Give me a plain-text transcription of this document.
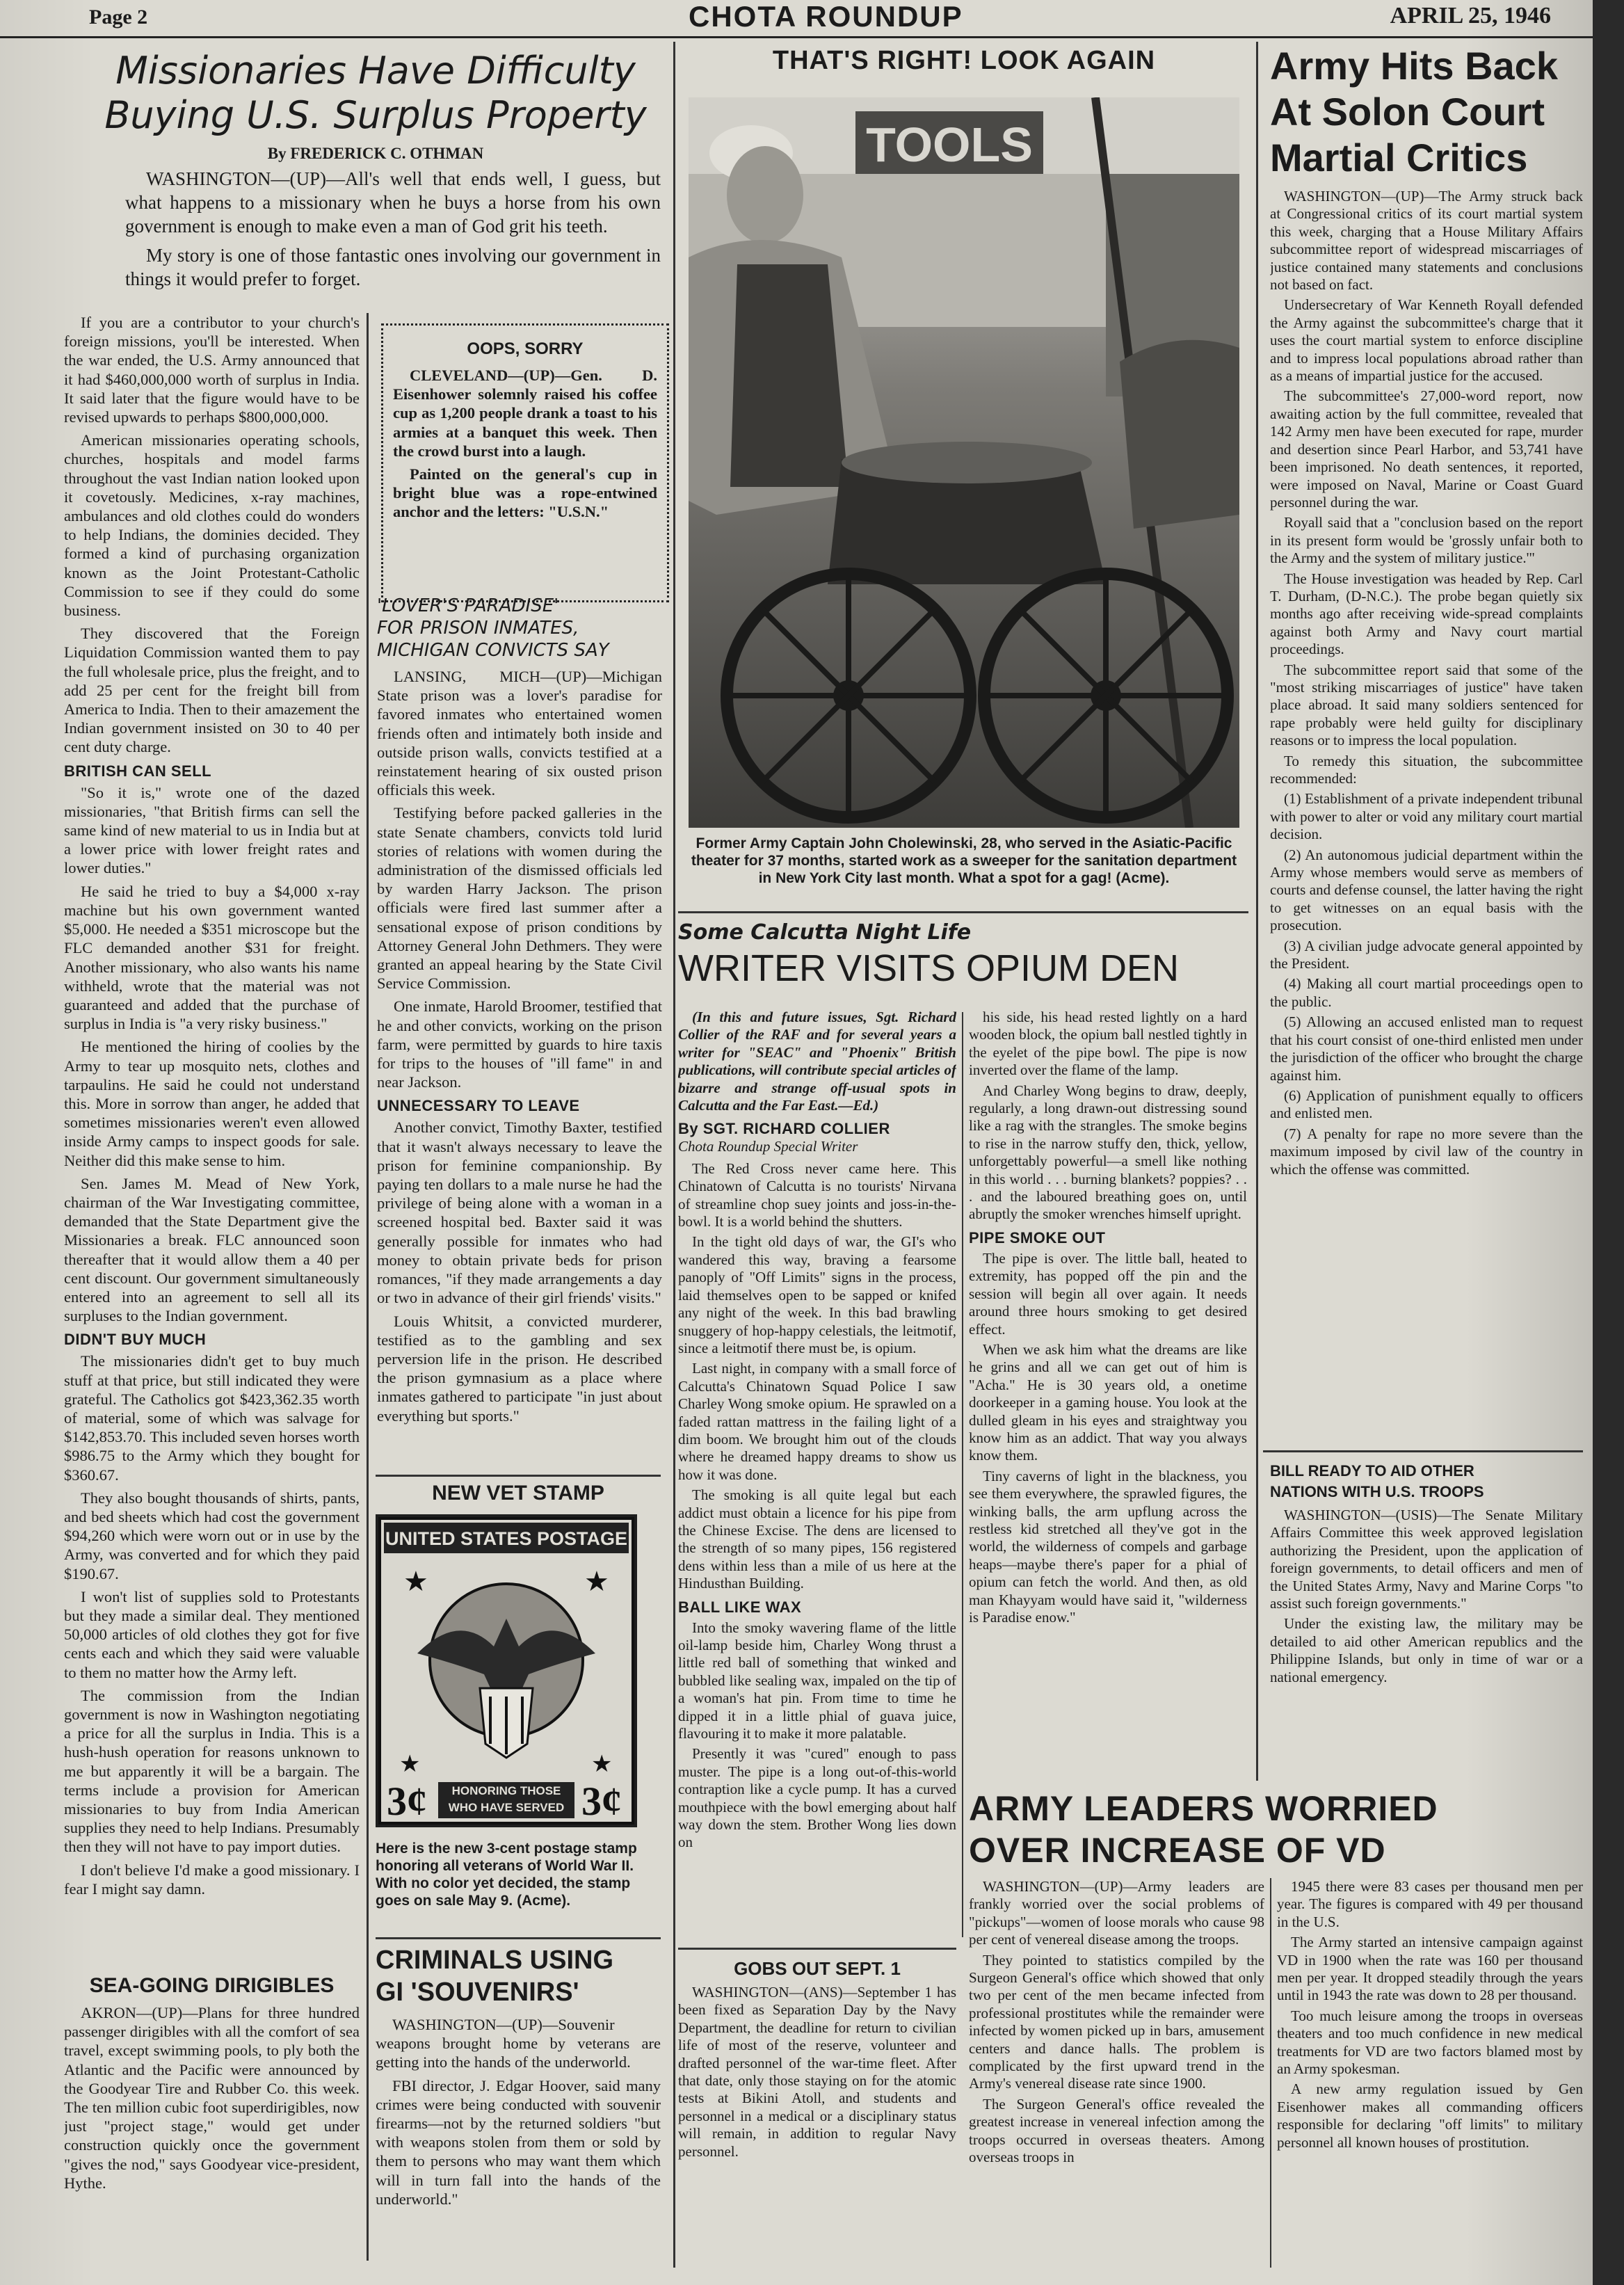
Page 2	CHOTA ROUNDUP	APRIL 25, 1946
Missionaries Have Difficulty
Buying U.S. Surplus Property
By FREDERICK C. OTHMAN

WASHINGTON—(UP)—All's well that ends well, I guess, but what happens to a missionary when he buys a horse from his own government is enough to make even a man of God grit his teeth.

My story is one of those fantastic ones involving our government in things it would prefer to forget.

If you are a contributor to your church's foreign missions, you'll be interested. When the war ended, the U.S. Army announced that it had $460,000,000 worth of surplus in India. It said later that the figure would have to be revised upwards to perhaps $800,000,000.

American missionaries operating schools, churches, hospitals and model farms throughout the vast Indian nation looked upon it covetously. Medicines, x-ray machines, ambulances and old clothes could do wonders to help Indians, the dominies decided. They formed a kind of purchasing organization known as the Joint Protestant-Catholic Commission to see if they could do some business.

They discovered that the Foreign Liquidation Commission wanted them to pay the full wholesale price, plus the freight, and to add 25 per cent for the freight bill from America to India. Then to their amazement the Indian government insisted on 30 to 40 per cent duty charge.

BRITISH CAN SELL

"So it is," wrote one of the dazed missionaries, "that British firms can sell the same kind of new material to us in India but at a lower price with lower freight rates and lower duties."

He said he tried to buy a $4,000 x-ray machine but his own government wanted $5,000. He needed a $351 microscope but the FLC demanded another $31 for freight. Another missionary, who also wants his name withheld, wrote that the material was not guaranteed and added that the purchase of surplus in India is "a very risky business."

He mentioned the hiring of coolies by the Army to tear up mosquito nets, clothes and tarpaulins. He said he could not understand this. More in sorrow than anger, he added that sometimes missionaries weren't even allowed inside Army camps to inspect goods for sale. Neither did this make sense to him.

Sen. James M. Mead of New York, chairman of the War Investigating committee, demanded that the State Department give the Missionaries a break. FLC announced soon thereafter that it would allow them a 40 per cent discount. Our government simultaneously entered into an agreement to sell all its surpluses to the Indian government.

DIDN'T BUY MUCH

The missionaries didn't get to buy much stuff at that price, but still indicated they were grateful. The Catholics got $423,362.35 worth of material, some of which was salvage for $142,853.70. This included seven horses worth $986.75 to the Army which they bought for $360.67.

They also bought thousands of shirts, pants, and bed sheets which had cost the government $94,260 which were worn out or in use by the Army, was converted and for which they paid $190.67.

I won't list of supplies sold to Protestants but they made a similar deal. They mentioned 50,000 articles of old clothes they got for five cents each and which they said were valuable to them no matter how the Army left.

The commission from the Indian government is now in Washington negotiating a price for all the surplus in India. This is a hush-hush operation for reasons unknown to me but apparently it will be a bargain. The terms include a provision for American missionaries to buy from India American supplies they need to help Indians. Presumably then they will not have to pay import duties.

I don't believe I'd make a good missionary. I fear I might say damn.

SEA-GOING DIRIGIBLES

AKRON—(UP)—Plans for three hundred passenger dirigibles with all the comfort of sea travel, except swimming pools, to ply both the Atlantic and the Pacific were announced by the Goodyear Tire and Rubber Co. this week. The ten million cubic foot superdirigibles, now just "project stage," would get under construction quickly once the government "gives the nod," says Goodyear vice-president, Hythe.

OOPS, SORRY

CLEVELAND—(UP)—Gen. D. Eisenhower solemnly raised his coffee cup as 1,200 people drank a toast to his armies at a banquet this week. Then the crowd burst into a laugh.

Painted on the general's cup in bright blue was a rope-entwined anchor and the letters: "U.S.N."

'LOVER'S PARADISE'

FOR PRISON INMATES,

MICHIGAN CONVICTS SAY

LANSING, MICH—(UP)—Michigan State prison was a lover's paradise for favored inmates who entertained women friends often and intimately both inside and outside prison walls, convicts testified at a reinstatement hearing of six ousted prison officials this week.

Testifying before packed galleries in the state Senate chambers, convicts told lurid stories of relations with women during the administration of the dismissed officials led by warden Harry Jackson. The prison officials were fired last summer after a sensational expose of prison conditions by Attorney General John Dethmers. They were granted an appeal hearing by the State Civil Service Commission.

One inmate, Harold Broomer, testified that he and other convicts, working on the prison farm, were permitted by guards to hire taxis for trips to the houses of "ill fame" in and near Jackson.

UNNECESSARY TO LEAVE

Another convict, Timothy Baxter, testified that it wasn't always necessary to leave the prison for feminine companionship. By paying ten dollars to a male nurse he had the privilege of being alone with a woman in a screened hospital bed. Baxter said it was generally possible for inmates who had money to obtain private beds for prison romances, "if they made arrangements a day or two in advance of their girl friends' visits."

Louis Whitsit, a convicted murderer, testified as to the gambling and sex perversion life in the prison. He described the prison gymnasium as a place where inmates gathered to participate "in just about everything but sports."

NEW VET STAMP
UNITED STATES POSTAGE
★	★
★	★
3¢	3¢
HONORING THOSE WHO HAVE SERVED

Here is the new 3-cent postage stamp honoring all veterans of World War II. With no color yet decided, the stamp goes on sale May 9. (Acme).

CRIMINALS USING
GI 'SOUVENIRS'

WASHINGTON—(UP)—Souvenir weapons brought home by veterans are getting into the hands of the underworld.

FBI director, J. Edgar Hoover, said many crimes were being conducted with souvenir firearms—not by the returned soldiers "but with weapons stolen from them or sold by them to persons who may want them which will in turn fall into the hands of the underworld."

THAT'S RIGHT! LOOK AGAIN
TOOLS

Former Army Captain John Cholewinski, 28, who served in the Asiatic-Pacific theater for 37 months, started work as a sweeper for the sanitation department in New York City last month. What a spot for a gag! (Acme).

Some Calcutta Night Life

WRITER VISITS OPIUM DEN

(In this and future issues, Sgt. Richard Collier of the RAF and for several years a writer for "SEAC" and "Phoenix" British publications, will contribute special articles of bizarre and strange off-usual spots in Calcutta and the Far East.—Ed.)

By SGT. RICHARD COLLIER
Chota Roundup Special Writer

The Red Cross never came here. This Chinatown of Calcutta is no tourists' Nirvana of streamline chop suey joints and joss-in-the-bowl. It is a world behind the shutters.

In the tight old days of war, the GI's who wandered this way, braving a fearsome panoply of "Off Limits" signs in the process, laid themselves open to be sapped or knifed any night of the week. In this bad brawling snuggery of hop-happy celestials, the leitmotif, since a leitmotif there must be, is opium.

Last night, in company with a small force of Calcutta's Chinatown Squad Police I saw Charley Wong smoke opium. He sprawled on a faded rattan mattress in the failing light of a dim boom. We brought him out of the clouds where he dreamed happy dreams to show us how it was done.

The smoking is all quite legal but each addict must obtain a licence for his pipe from the Chinese Excise. The dens are licensed to the strength of so many pipes, 156 registered dens within less than a mile of us here at the Hindusthan Building.

BALL LIKE WAX

Into the smoky wavering flame of the little oil-lamp beside him, Charley Wong thrust a little red ball of something that winked and bubbled like sealing wax, impaled on the tip of a woman's hat pin. From time to time he dipped it in a little phial of guava juice, flavouring it to make it more palatable.

Presently it was "cured" enough to pass muster. The pipe is a long out-of-this-world contraption like a cycle pump. It has a curved mouthpiece with the bowl emerging about half way down the stem. Brother Wong lies down on

his side, his head rested lightly on a hard wooden block, the opium ball nestled tightly in the eyelet of the pipe bowl. The pipe is now inverted over the flame of the lamp.

And Charley Wong begins to draw, deeply, regularly, a long drawn-out distressing sound like a rag with the strangles. The smoke begins to rise in the narrow stuffy den, thick, yellow, unforgettably powerful—a smell like nothing in this world . . . burning blankets? poppies? . . . and the laboured breathing goes on, until abruptly the smoker wrenches himself upright.

PIPE SMOKE OUT

The pipe is over. The little ball, heated to extremity, has popped off the pin and the session will begin all over again. It needs around three hours smoking to get desired effect.

When we ask him what the dreams are like he grins and all we can get out of him is "Acha." He is 30 years old, a onetime doorkeeper in a gaming house. You look at the dulled gleam in his eyes and straightway you know him as an addict. That way you always know them.

Tiny caverns of light in the blackness, you see them everywhere, the sprawled figures, the winking balls, the arm upflung across the restless kid stretched all they've got in the world, the wilderness of compels and garbage heaps—maybe there's paper for a phial of opium can fetch the world. And then, as old man Khayyam would have said it, "wilderness is Paradise enow."

Army Hits Back
At Solon Court
Martial Critics

WASHINGTON—(UP)—The Army struck back at Congressional critics of its court martial system this week, charging that a House Military Affairs subcommittee report of widespread miscarriages of justice contained many statements and conclusions not based on fact.

Undersecretary of War Kenneth Royall defended the Army against the subcommittee's charge that it uses the court martial system to enforce discipline and to impress local populations abroad rather than as a means of impartial justice for the accused.

The subcommittee's 27,000-word report, now awaiting action by the full committee, revealed that 142 Army men have been executed for rape, murder and desertion since Pearl Harbor, and 53,741 have been imprisoned. No death sentences, it reported, were imposed on Naval, Marine or Coast Guard personnel during the war.

Royall said that a "conclusion based on the report in its present form would be 'grossly unfair both to the Army and the system of military justice.'"

The House investigation was headed by Rep. Carl T. Durham, (D-N.C.). The probe began quietly six months ago after receiving wide-spread complaints against both Army and Navy court martial proceedings.

The subcommittee report said that some of the "most striking miscarriages of justice" have taken place abroad. It said many soldiers sentenced for rape probably were held guilty for disciplinary reasons or to impress the local population.

To remedy this situation, the subcommittee recommended:

(1) Establishment of a private independent tribunal with power to alter or void any military court martial decision.

(2) An autonomous judicial department within the Army whose members would serve as members of courts and defense counsel, the latter having the right to get witnesses on an equal basis with the prosecution.

(3) A civilian judge advocate general appointed by the President.

(4) Making all court martial proceedings open to the public.

(5) Allowing an accused enlisted man to request that his court consist of one-third enlisted men under the jurisdiction of the officer who brought the charge against him.

(6) Application of punishment equally to officers and enlisted men.

(7) A penalty for rape no more severe than the maximum imposed by civil law of the country in which the offense was committed.

BILL READY TO AID OTHER
NATIONS WITH U.S. TROOPS

WASHINGTON—(USIS)—The Senate Military Affairs Committee this week approved legislation authorizing the President, upon the application of foreign governments, to detail officers and men of the United States Army, Navy and Marine Corps "to assist such foreign governments."

Under the existing law, the military may be detailed to aid other American republics and the Philippine Islands, but only in time of war or a national emergency.

GOBS OUT SEPT. 1

WASHINGTON—(ANS)—September 1 has been fixed as Separation Day by the Navy Department, the deadline for return to civilian life of most of the reserve, volunteer and drafted personnel of the war-time fleet. After that date, only those staying on for the atomic tests at Bikini Atoll, and students and personnel in a medical or a disciplinary status will remain, in addition to regular Navy personnel.

ARMY LEADERS WORRIED
OVER INCREASE OF VD

WASHINGTON—(UP)—Army leaders are frankly worried over the social problems of "pickups"—women of loose morals who cause 98 per cent of venereal disease among the troops.

They pointed to statistics compiled by the Surgeon General's office which showed that only two per cent of the men became infected from professional prostitutes while the remainder were infected by women picked up in bars, amusement centers and dance halls. The problem is complicated by the first upward trend in the Army's venereal disease rate since 1900.

The Surgeon General's office revealed the greatest increase in venereal infection among the troops occurred in overseas theaters. Among overseas troops in

1945 there were 83 cases per thousand men per year. The figures is compared with 49 per thousand in the U.S.

The Army started an intensive campaign against VD in 1900 when the rate was 160 per thousand men per year. It dropped steadily through the years until in 1943 the rate was down to 28 per thousand.

Too much leisure among the troops in overseas theaters and too much confidence in new medical treatments for VD are two factors blamed most by an Army spokesman.

A new army regulation issued by Gen Eisenhower makes all commanding officers responsible for declaring "off limits" to military personnel all known houses of prostitution.
